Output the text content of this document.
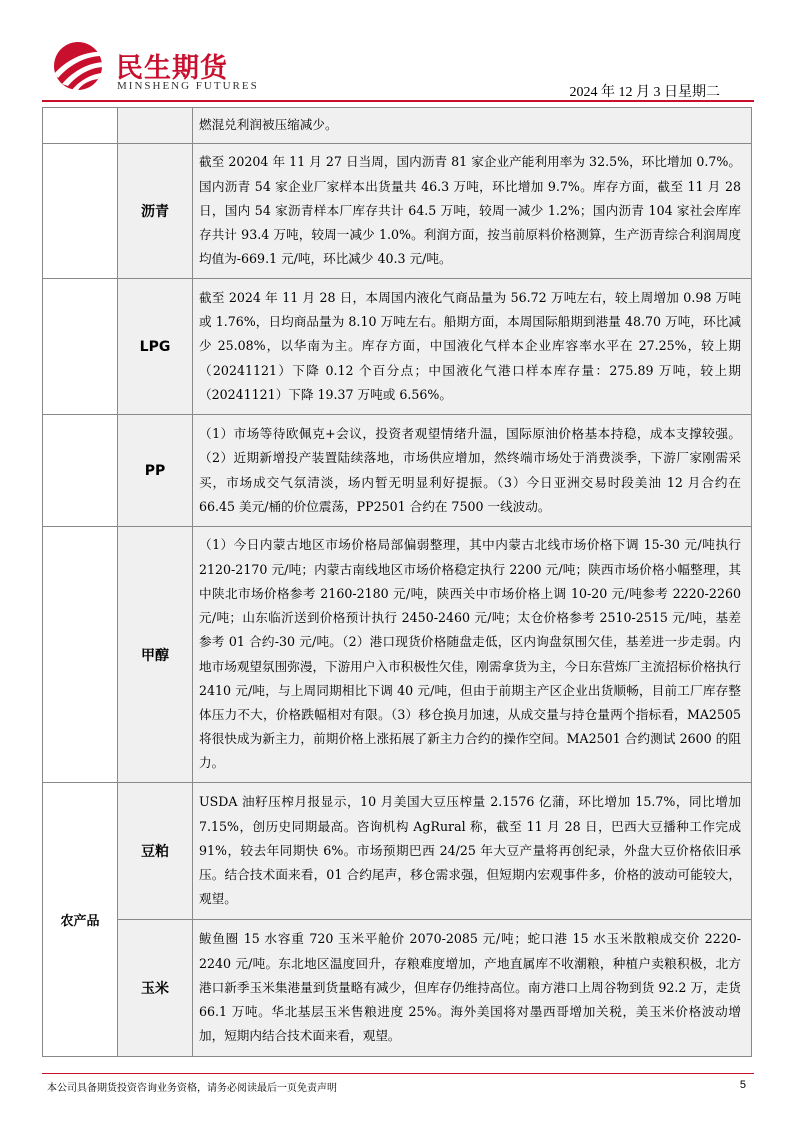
民生期货
MINSHENG FUTURES	2024 年 12 月 3 日星期二
		燃混兑利润被压缩减少。
	沥青	截至 20204 年 11 月 27 日当周，国内沥青 81 家企业产能利用率为 32.5%，环比增加 0.7%。国内沥青 54 家企业厂家样本出货量共 46.3 万吨，环比增加 9.7%。库存方面，截至 11 月 28 日，国内 54 家沥青样本厂库存共计 64.5 万吨，较周一减少 1.2%；国内沥青 104 家社会库库存共计 93.4 万吨，较周一减少 1.0%。利润方面，按当前原料价格测算，生产沥青综合利润周度均值为-669.1 元/吨，环比减少 40.3 元/吨。
	LPG	截至 2024 年 11 月 28 日，本周国内液化气商品量为 56.72 万吨左右，较上周增加 0.98 万吨或 1.76%，日均商品量为 8.10 万吨左右。船期方面，本周国际船期到港量 48.70 万吨，环比减少 25.08%，以华南为主。库存方面，中国液化气样本企业库容率水平在 27.25%，较上期（20241121）下降 0.12 个百分点；中国液化气港口样本库存量：275.89 万吨，较上期（20241121）下降 19.37 万吨或 6.56%。
	PP	（1）市场等待欧佩克+会议，投资者观望情绪升温，国际原油价格基本持稳，成本支撑较强。（2）近期新增投产装置陆续落地，市场供应增加，然终端市场处于消费淡季，下游厂家刚需采买，市场成交气氛清淡，场内暂无明显利好提振。（3）今日亚洲交易时段美油 12 月合约在 66.45 美元/桶的价位震荡，PP2501 合约在 7500 一线波动。
	甲醇	（1）今日内蒙古地区市场价格局部偏弱整理，其中内蒙古北线市场价格下调 15-30 元/吨执行 2120-2170 元/吨；内蒙古南线地区市场价格稳定执行 2200 元/吨；陕西市场价格小幅整理，其中陕北市场价格参考 2160-2180 元/吨，陕西关中市场价格上调 10-20 元/吨参考 2220-2260 元/吨；山东临沂送到价格预计执行 2450-2460 元/吨；太仓价格参考 2510-2515 元/吨，基差参考 01 合约-30 元/吨。（2）港口现货价格随盘走低，区内询盘氛围欠佳，基差进一步走弱。内地市场观望氛围弥漫，下游用户入市积极性欠佳，刚需拿货为主，今日东营炼厂主流招标价格执行 2410 元/吨，与上周同期相比下调 40 元/吨，但由于前期主产区企业出货顺畅，目前工厂库存整体压力不大，价格跌幅相对有限。（3）移仓换月加速，从成交量与持仓量两个指标看，MA2505 将很快成为新主力，前期价格上涨拓展了新主力合约的操作空间。MA2501 合约测试 2600 的阻力。
农产品	豆粕	USDA 油籽压榨月报显示，10 月美国大豆压榨量 2.1576 亿蒲，环比增加 15.7%，同比增加 7.15%，创历史同期最高。咨询机构 AgRural 称，截至 11 月 28 日，巴西大豆播种工作完成 91%，较去年同期快 6%。市场预期巴西 24/25 年大豆产量将再创纪录，外盘大豆价格依旧承压。结合技术面来看，01 合约尾声，移仓需求强，但短期内宏观事件多，价格的波动可能较大，观望。
	玉米	鲅鱼圈 15 水容重 720 玉米平舱价 2070-2085 元/吨；蛇口港 15 水玉米散粮成交价 2220-2240 元/吨。东北地区温度回升，存粮难度增加，产地直属库不收潮粮，种植户卖粮积极，北方港口新季玉米集港量到货量略有减少，但库存仍维持高位。南方港口上周谷物到货 92.2 万，走货 66.1 万吨。华北基层玉米售粮进度 25%。海外美国将对墨西哥增加关税，美玉米价格波动增加，短期内结合技术面来看，观望。
本公司具备期货投资咨询业务资格，请务必阅读最后一页免责声明	5
